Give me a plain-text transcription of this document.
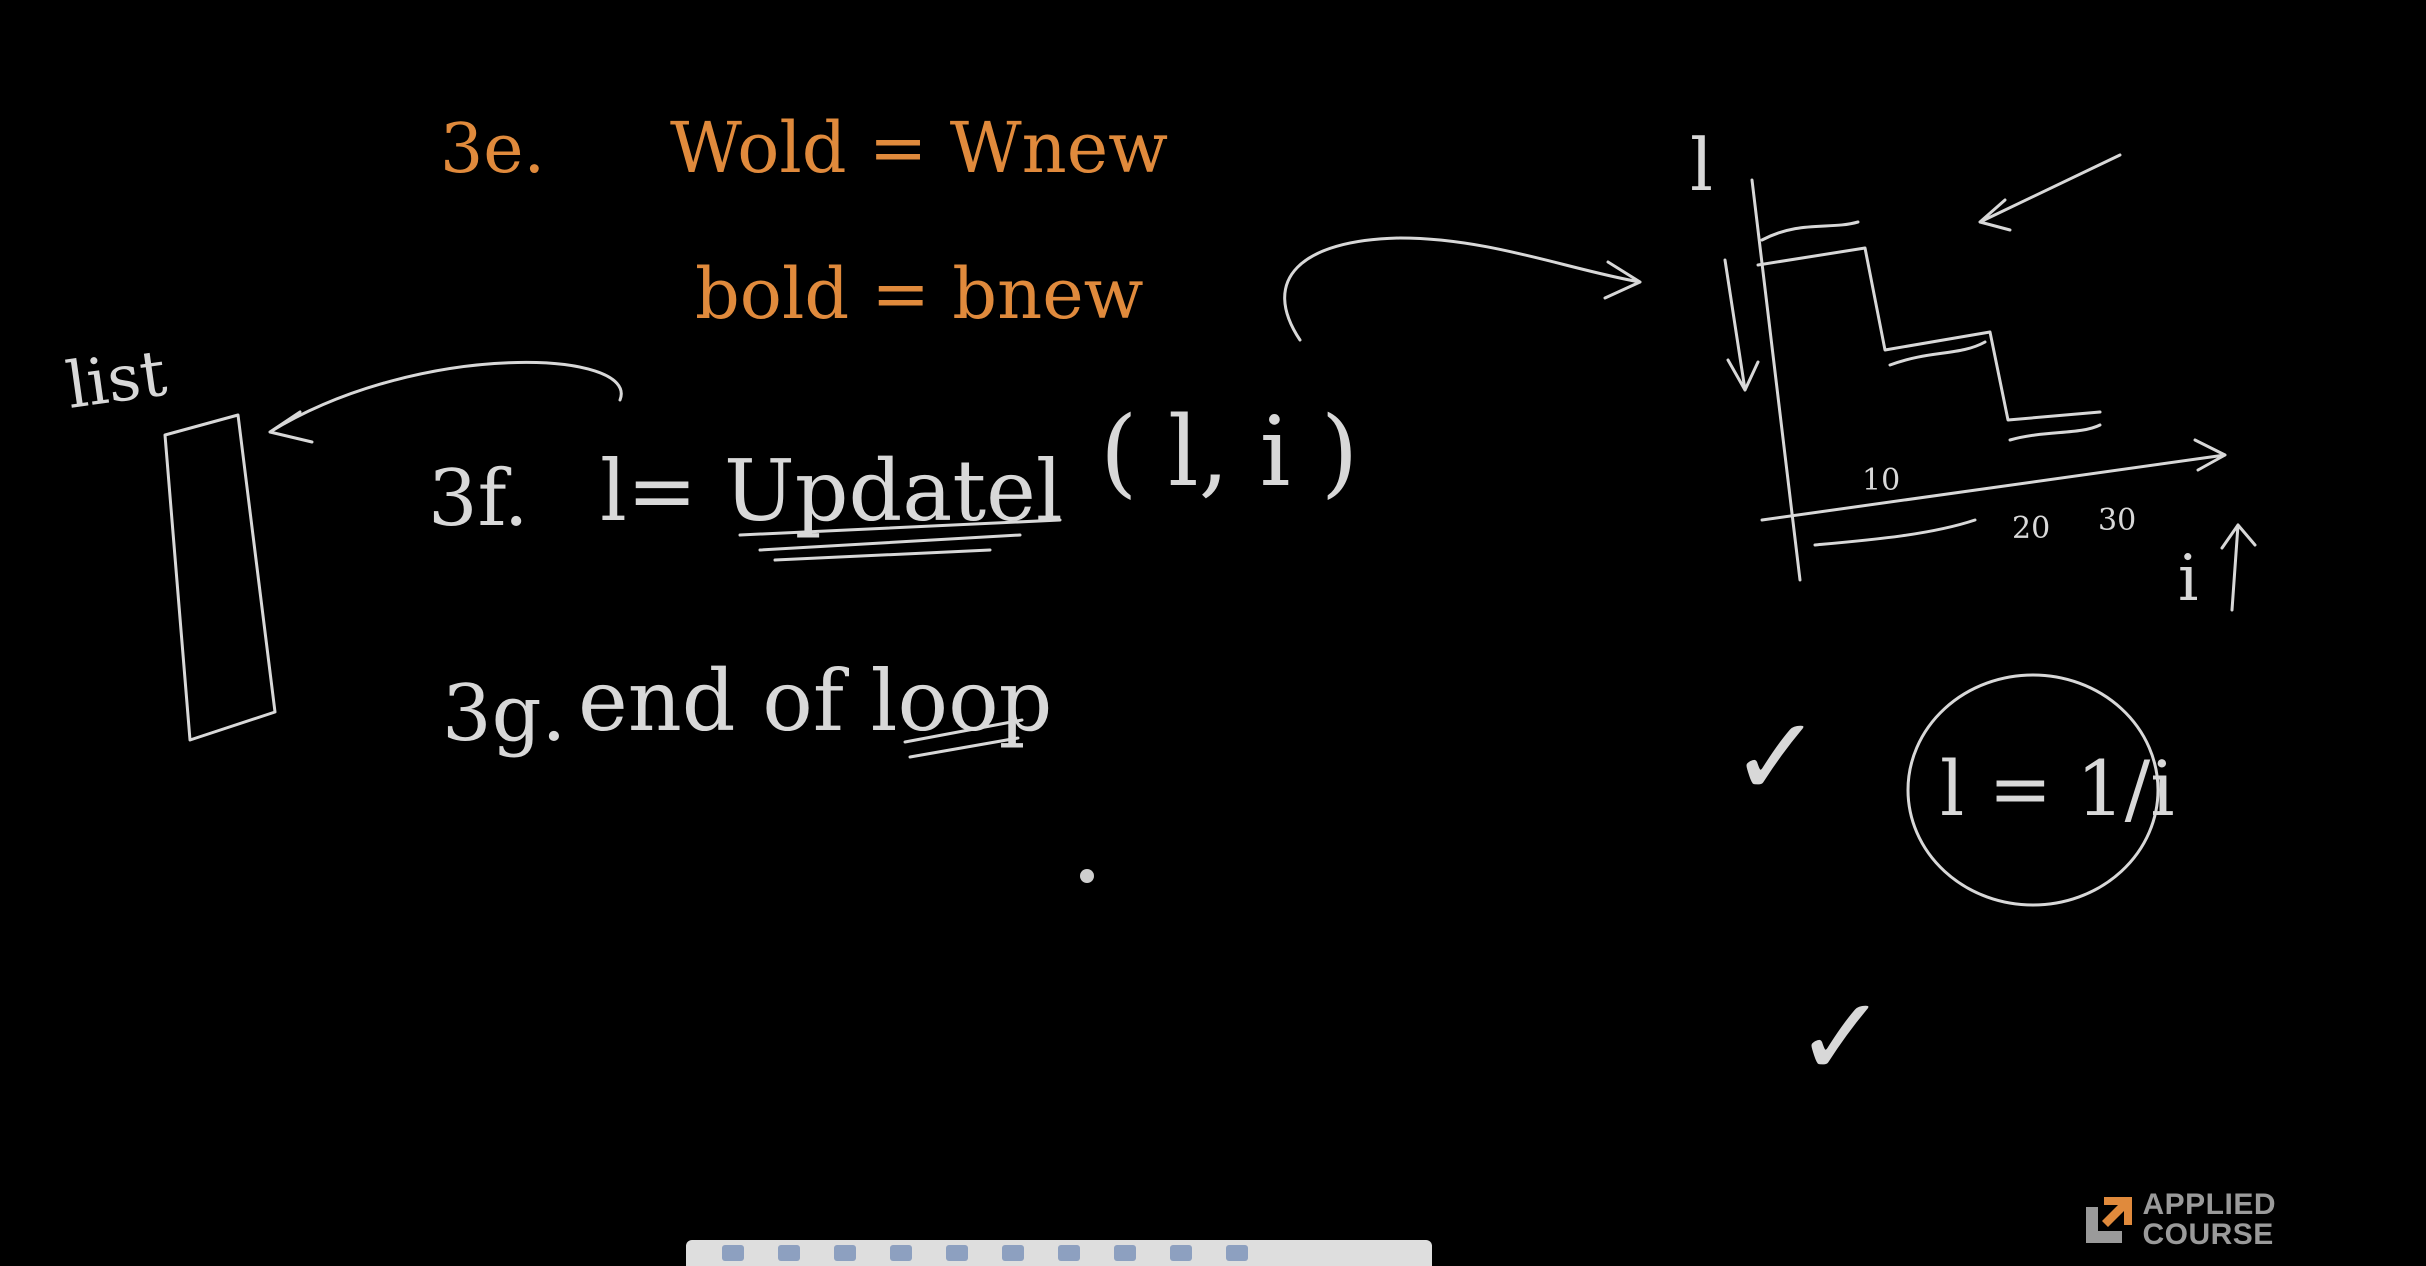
3e. Wold = Wnew
bold = bnew
list
3f. l= Updatel ( l, i )
3g. end of loop
l
10
20 30
i
✓
✓
l = 1/i
APPLIED
COURSE
